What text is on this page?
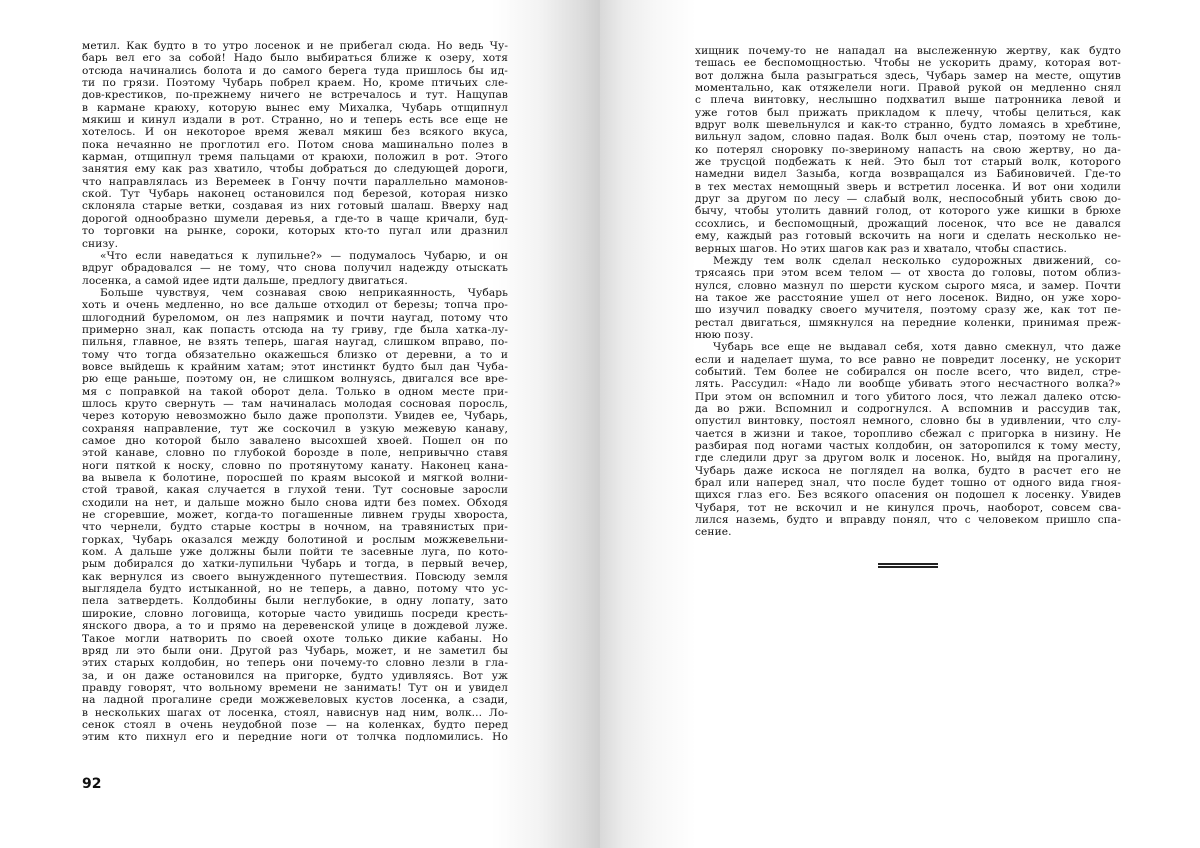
метил. Как будто в то утро лосенок и не прибегал сюда. Но ведь Чу-
барь вел его за собой! Надо было выбираться ближе к озеру, хотя
отсюда начинались болота и до самого берега туда пришлось бы ид-
ти по грязи. Поэтому Чубарь побрел краем. Но, кроме птичьих сле-
дов-крестиков, по-прежнему ничего не встречалось и тут. Нащупав
в кармане краюху, которую вынес ему Михалка, Чубарь отщипнул
мякиш и кинул издали в рот. Странно, но и теперь есть все еще не
хотелось. И он некоторое время жевал мякиш без всякого вкуса,
пока нечаянно не проглотил его. Потом снова машинально полез в
карман, отщипнул тремя пальцами от краюхи, положил в рот. Этого
занятия ему как раз хватило, чтобы добраться до следующей дороги,
что направлялась из Веремеек в Гончу почти параллельно мамонов-
ской. Тут Чубарь наконец остановился под березой, которая низко
склоняла старые ветки, создавая из них готовый шалаш. Вверху над
дорогой однообразно шумели деревья, а где-то в чаще кричали, буд-
то торговки на рынке, сороки, которых кто-то пугал или дразнил
снизу.
«Что если наведаться к лупильне?» — подумалось Чубарю, и он
вдруг обрадовался — не тому, что снова получил надежду отыскать
лосенка, а самой идее идти дальше, предлогу двигаться.
Больше чувствуя, чем сознавая свою неприкаянность, Чубарь
хоть и очень медленно, но все дальше отходил от березы; топча про-
шлогодний буреломом, он лез напрямик и почти наугад, потому что
примерно знал, как попасть отсюда на ту гриву, где была хатка-лу-
пильня, главное, не взять теперь, шагая наугад, слишком вправо, по-
тому что тогда обязательно окажешься близко от деревни, а то и
вовсе выйдешь к крайним хатам; этот инстинкт будто был дан Чуба-
рю еще раньше, поэтому он, не слишком волнуясь, двигался все вре-
мя с поправкой на такой оборот дела. Только в одном месте при-
шлось круто свернуть — там начиналась молодая сосновая поросль,
через которую невозможно было даже проползти. Увидев ее, Чубарь,
сохраняя направление, тут же соскочил в узкую межевую канаву,
самое дно которой было завалено высохшей хвоей. Пошел он по
этой канаве, словно по глубокой борозде в поле, непривычно ставя
ноги пяткой к носку, словно по протянутому канату. Наконец кана-
ва вывела к болотине, поросшей по краям высокой и мягкой волни-
стой травой, какая случается в глухой тени. Тут сосновые заросли
сходили на нет, и дальше можно было снова идти без помех. Обходя
не сгоревшие, может, когда-то погашенные ливнем груды хвороста,
что чернели, будто старые костры в ночном, на травянистых при-
горках, Чубарь оказался между болотиной и рослым можжевельни-
ком. А дальше уже должны были пойти те засевные луга, по кото-
рым добирался до хатки-лупильни Чубарь и тогда, в первый вечер,
как вернулся из своего вынужденного путешествия. Повсюду земля
выглядела будто истыканной, но не теперь, а давно, потому что ус-
пела затвердеть. Колдобины были неглубокие, в одну лопату, зато
широкие, словно логовища, которые часто увидишь посреди кресть-
янского двора, а то и прямо на деревенской улице в дождевой луже.
Такое могли натворить по своей охоте только дикие кабаны. Но
вряд ли это были они. Другой раз Чубарь, может, и не заметил бы
этих старых колдобин, но теперь они почему-то словно лезли в гла-
за, и он даже остановился на пригорке, будто удивляясь. Вот уж
правду говорят, что вольному времени не занимать! Тут он и увидел
на ладной прогалине среди можжевеловых кустов лосенка, а сзади,
в нескольких шагах от лосенка, стоял, нависнув над ним, волк... Ло-
сенок стоял в очень неудобной позе — на коленках, будто перед
этим кто пихнул его и передние ноги от толчка подломились. Но
92
хищник почему-то не нападал на выслеженную жертву, как будто
тешась ее беспомощностью. Чтобы не ускорить драму, которая вот-
вот должна была разыграться здесь, Чубарь замер на месте, ощутив
моментально, как отяжелели ноги. Правой рукой он медленно снял
с плеча винтовку, неслышно подхватил выше патронника левой и
уже готов был прижать прикладом к плечу, чтобы целиться, как
вдруг волк шевельнулся и как-то странно, будто ломаясь в хребтине,
вильнул задом, словно падая. Волк был очень стар, поэтому не толь-
ко потерял сноровку по-звериному напасть на свою жертву, но да-
же трусцой подбежать к ней. Это был тот старый волк, которого
намедни видел Зазыба, когда возвращался из Бабиновичей. Где-то
в тех местах немощный зверь и встретил лосенка. И вот они ходили
друг за другом по лесу — слабый волк, неспособный убить свою до-
бычу, чтобы утолить давний голод, от которого уже кишки в брюхе
ссохлись, и беспомощный, дрожащий лосенок, что все не давался
ему, каждый раз готовый вскочить на ноги и сделать несколько не-
верных шагов. Но этих шагов как раз и хватало, чтобы спастись.
Между тем волк сделал несколько судорожных движений, со-
трясаясь при этом всем телом — от хвоста до головы, потом облиз-
нулся, словно мазнул по шерсти куском сырого мяса, и замер. Почти
на такое же расстояние ушел от него лосенок. Видно, он уже хоро-
шо изучил повадку своего мучителя, поэтому сразу же, как тот пе-
рестал двигаться, шмякнулся на передние коленки, принимая преж-
нюю позу.
Чубарь все еще не выдавал себя, хотя давно смекнул, что даже
если и наделает шума, то все равно не повредит лосенку, не ускорит
событий. Тем более не собирался он после всего, что видел, стре-
лять. Рассудил: «Надо ли вообще убивать этого несчастного волка?»
При этом он вспомнил и того убитого лося, что лежал далеко отсю-
да во ржи. Вспомнил и содрогнулся. А вспомнив и рассудив так,
опустил винтовку, постоял немного, словно бы в удивлении, что слу-
чается в жизни и такое, торопливо сбежал с пригорка в низину. Не
разбирая под ногами частых колдобин, он заторопился к тому месту,
где следили друг за другом волк и лосенок. Но, выйдя на прогалину,
Чубарь даже искоса не поглядел на волка, будто в расчет его не
брал или наперед знал, что после будет тошно от одного вида гноя-
щихся глаз его. Без всякого опасения он подошел к лосенку. Увидев
Чубаря, тот не вскочил и не кинулся прочь, наоборот, совсем сва-
лился наземь, будто и вправду понял, что с человеком пришло спа-
сение.
